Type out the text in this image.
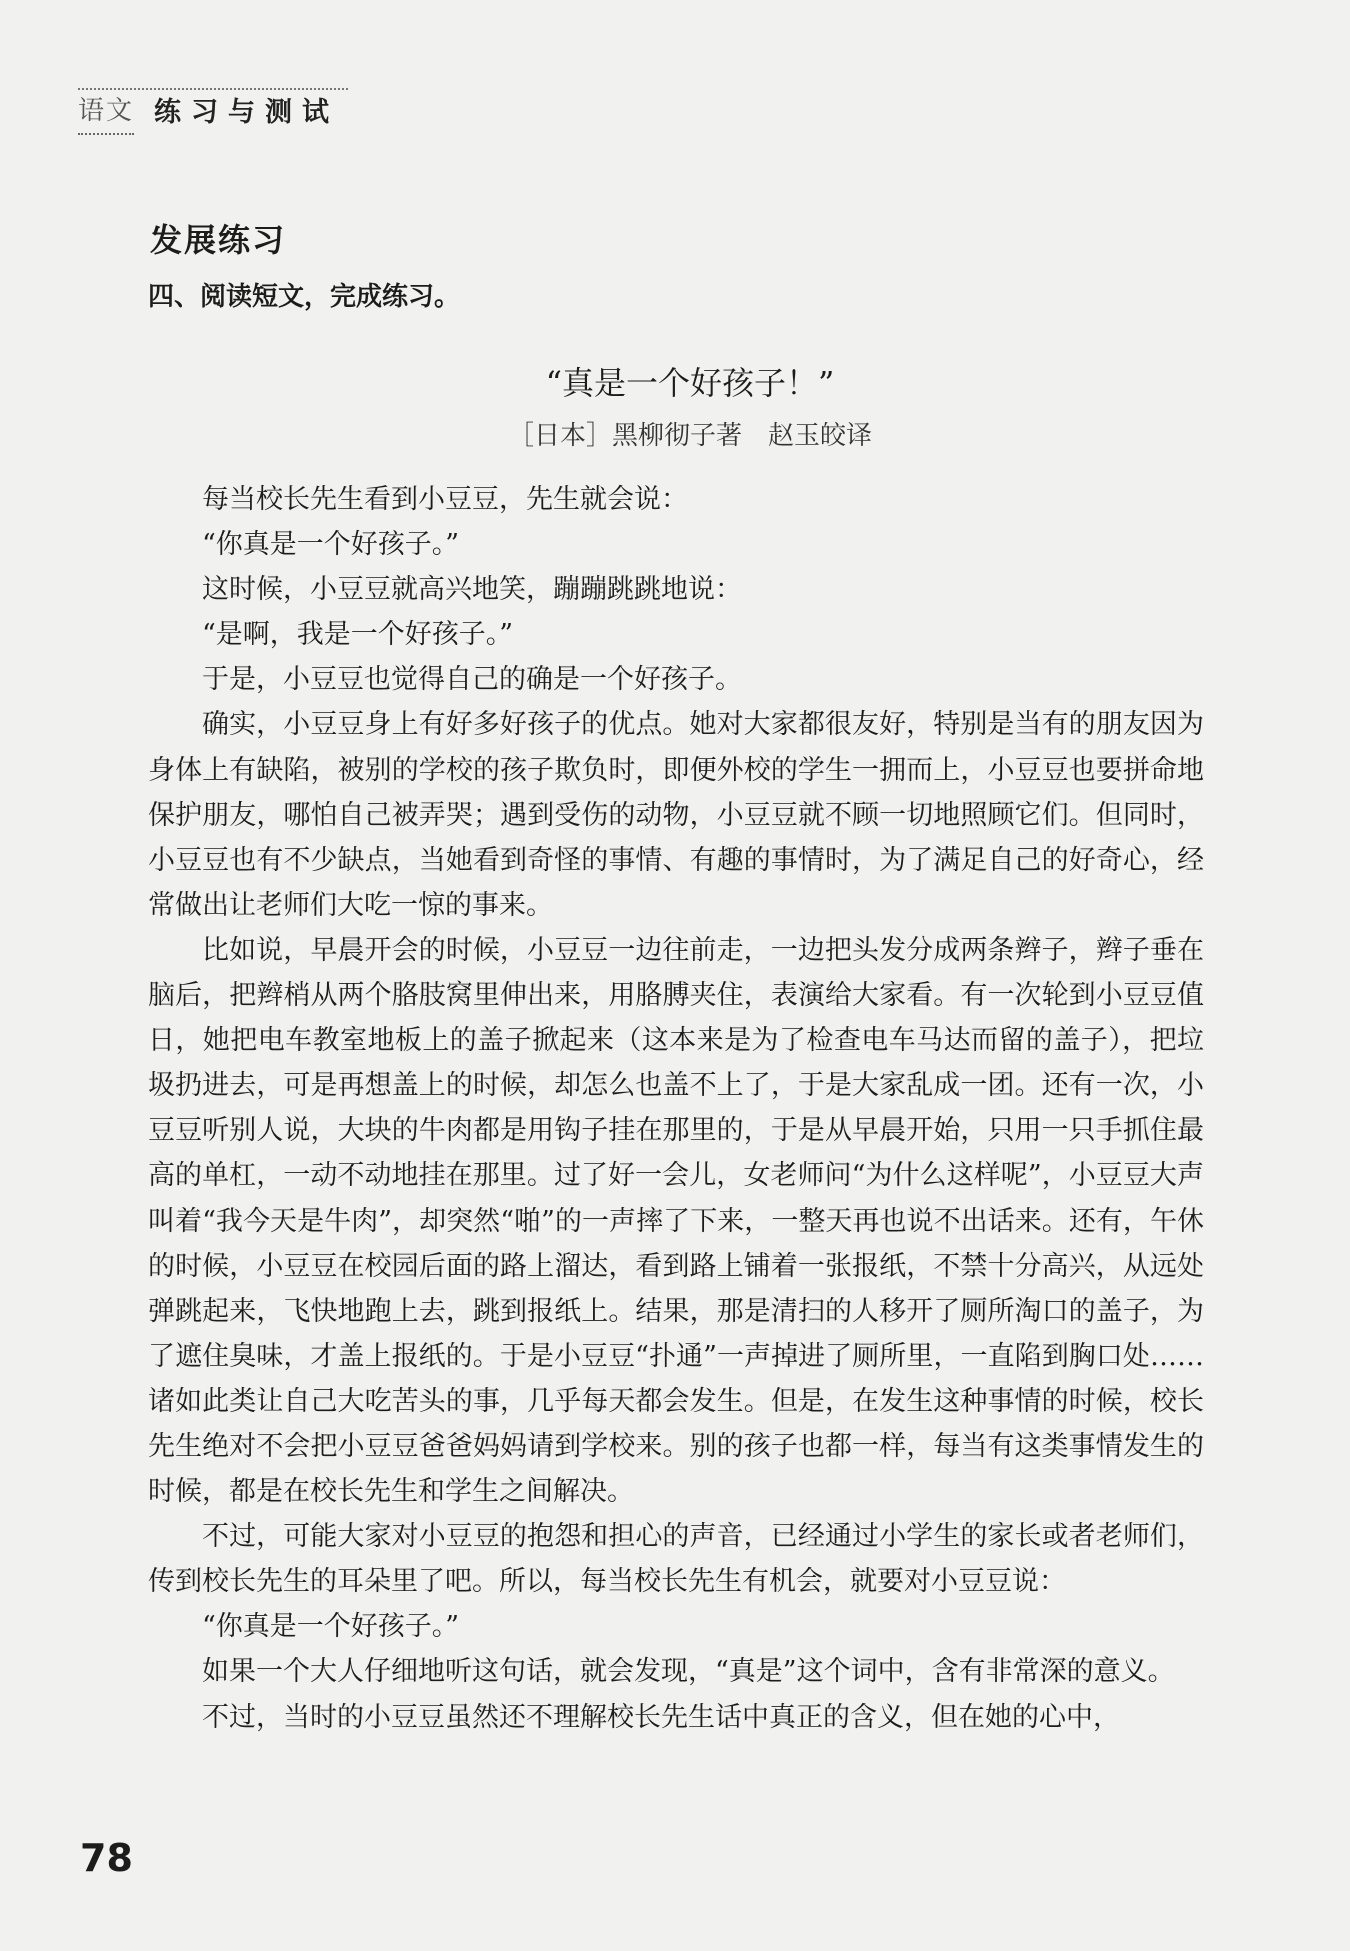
语文 练习与测试
发展练习
四、阅读短文，完成练习。
“真是一个好孩子！”
［日本］黑柳彻子著　赵玉皎译

每当校长先生看到小豆豆，先生就会说：

“你真是一个好孩子。”

这时候，小豆豆就高兴地笑，蹦蹦跳跳地说：

“是啊，我是一个好孩子。”

于是，小豆豆也觉得自己的确是一个好孩子。

确实，小豆豆身上有好多好孩子的优点。她对大家都很友好，特别是当有的朋友因为身体上有缺陷，被别的学校的孩子欺负时，即便外校的学生一拥而上，小豆豆也要拼命地保护朋友，哪怕自己被弄哭；遇到受伤的动物，小豆豆就不顾一切地照顾它们。但同时，小豆豆也有不少缺点，当她看到奇怪的事情、有趣的事情时，为了满足自己的好奇心，经常做出让老师们大吃一惊的事来。

比如说，早晨开会的时候，小豆豆一边往前走，一边把头发分成两条辫子，辫子垂在脑后，把辫梢从两个胳肢窝里伸出来，用胳膊夹住，表演给大家看。有一次轮到小豆豆值日，她把电车教室地板上的盖子掀起来（这本来是为了检查电车马达而留的盖子），把垃圾扔进去，可是再想盖上的时候，却怎么也盖不上了，于是大家乱成一团。还有一次，小豆豆听别人说，大块的牛肉都是用钩子挂在那里的，于是从早晨开始，只用一只手抓住最高的单杠，一动不动地挂在那里。过了好一会儿，女老师问“为什么这样呢”，小豆豆大声叫着“我今天是牛肉”，却突然“啪”的一声摔了下来，一整天再也说不出话来。还有，午休的时候，小豆豆在校园后面的路上溜达，看到路上铺着一张报纸，不禁十分高兴，从远处弹跳起来，飞快地跑上去，跳到报纸上。结果，那是清扫的人移开了厕所淘口的盖子，为了遮住臭味，才盖上报纸的。于是小豆豆“扑通”一声掉进了厕所里，一直陷到胸口处……诸如此类让自己大吃苦头的事，几乎每天都会发生。但是，在发生这种事情的时候，校长先生绝对不会把小豆豆爸爸妈妈请到学校来。别的孩子也都一样，每当有这类事情发生的时候，都是在校长先生和学生之间解决。

不过，可能大家对小豆豆的抱怨和担心的声音，已经通过小学生的家长或者老师们，传到校长先生的耳朵里了吧。所以，每当校长先生有机会，就要对小豆豆说：

“你真是一个好孩子。”

如果一个大人仔细地听这句话，就会发现，“真是”这个词中，含有非常深的意义。

不过，当时的小豆豆虽然还不理解校长先生话中真正的含义，但在她的心中，

78
